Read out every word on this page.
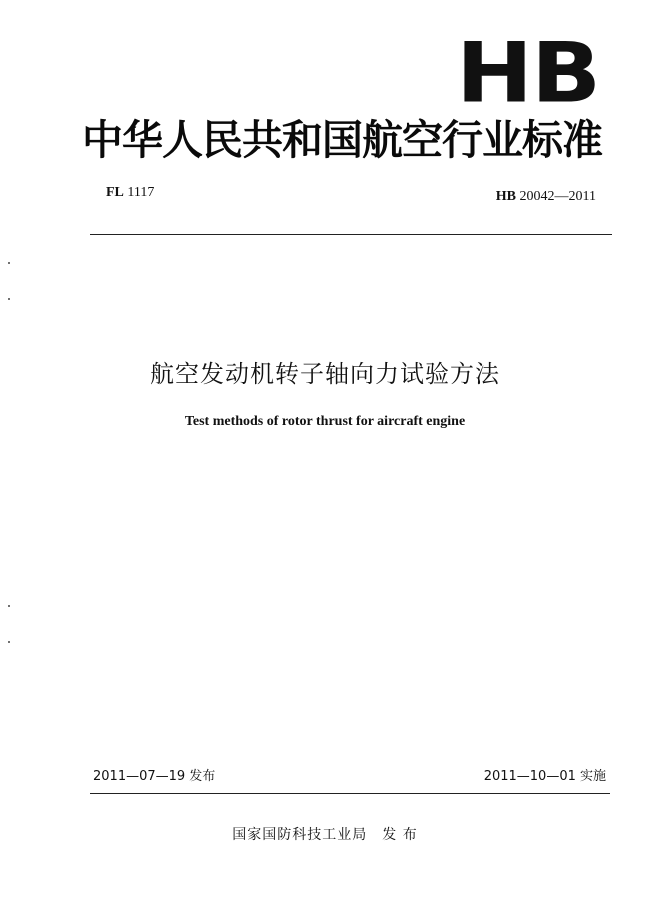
HB
中华人民共和国航空行业标准
FL 1117	HB 20042—2011
航空发动机转子轴向力试验方法
Test methods of rotor thrust for aircraft engine
2011—07—19 发布	2011—10—01 实施
国家国防科技工业局　发 布
